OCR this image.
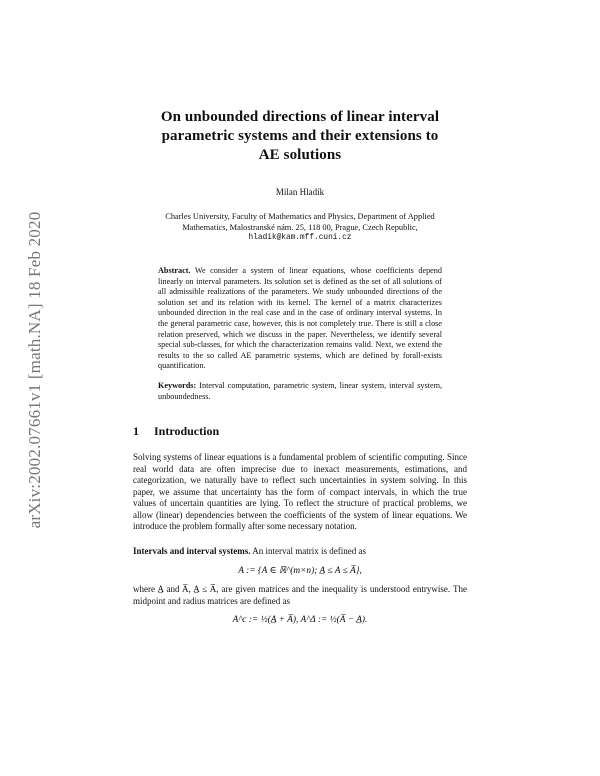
arXiv:2002.07661v1 [math.NA] 18 Feb 2020
On unbounded directions of linear interval
parametric systems and their extensions to
AE solutions
Milan Hladík
Charles University, Faculty of Mathematics and Physics, Department of Applied
Mathematics, Malostranské nám. 25, 118 00, Prague, Czech Republic,
hladik@kam.mff.cuni.cz
Abstract. We consider a system of linear equations, whose coefficients depend linearly on interval parameters. Its solution set is defined as the set of all solutions of all admissible realizations of the parameters. We study unbounded directions of the solution set and its relation with its kernel. The kernel of a matrix characterizes unbounded direction in the real case and in the case of ordinary interval systems. In the general parametric case, however, this is not completely true. There is still a close relation preserved, which we discuss in the paper. Nevertheless, we identify several special sub-classes, for which the characterization remains valid. Next, we extend the results to the so called AE parametric systems, which are defined by forall-exists quantification.
Keywords: Interval computation, parametric system, linear system, interval system, unboundedness.
1 Introduction
Solving systems of linear equations is a fundamental problem of scientific computing. Since real world data are often imprecise due to inexact measurements, estimations, and categorization, we naturally have to reflect such uncertainties in system solving. In this paper, we assume that uncertainty has the form of compact intervals, in which the true values of uncertain quantities are lying. To reflect the structure of practical problems, we allow (linear) dependencies between the coefficients of the system of linear equations. We introduce the problem formally after some necessary notation.
Intervals and interval systems. An interval matrix is defined as
A := {A ∈ ℝ^(m×n); A̲ ≤ A ≤ A̅},
where A̲ and A̅, A̲ ≤ A̅, are given matrices and the inequality is understood entrywise. The midpoint and radius matrices are defined as
A^c := ½(A̲ + A̅), A^Δ := ½(A̅ − A̲).
